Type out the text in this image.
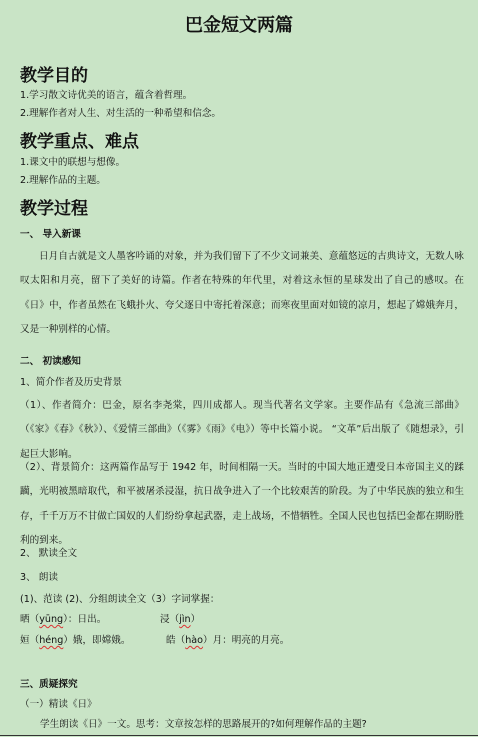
巴金短文两篇
教学目的
1.学习散文诗优美的语言，蕴含着哲理。
2.理解作者对人生、对生活的一种希望和信念。
教学重点、难点
1.课文中的联想与想像。
2.理解作品的主题。
教学过程
一、 导入新课
日月自古就是文人墨客吟诵的对象，并为我们留下了不少文词兼美、意蕴悠远的古典诗文，无数人咏叹太阳和月亮，留下了美好的诗篇。作者在特殊的年代里，对着这永恒的星球发出了自己的感叹。在《日》中，作者虽然在飞蛾扑火、夸父逐日中寄托着深意；而寒夜里面对如镜的凉月，想起了嫦娥奔月，又是一种别样的心情。
二、 初读感知
1、简介作者及历史背景
（1）、作者简介：巴金，原名李尧棠，四川成都人。现当代著名文学家。主要作品有《急流三部曲》（《家》《春》《秋》）、《爱情三部曲》（《雾》《雨》《电》）等中长篇小说。 “文革”后出版了《随想录》，引起巨大影响。
（2）、背景简介：这两篇作品写于 1942 年，时间相隔一天。当时的中国大地正遭受日本帝国主义的蹂躏，光明被黑暗取代，和平被屠杀浸湿，抗日战争进入了一个比较艰苦的阶段。为了中华民族的独立和生存，千千万万不甘做亡国奴的人们纷纷拿起武器，走上战场，不惜牺牲。全国人民也包括巴金都在期盼胜利的到来。
2、 默读全文
3、 朗读
(1)、范读 (2)、分组朗读全文（3）字词掌握：
晒（yūng）：日出。	浸（jìn）
姮（héng）娥，即嫦娥。	皓（hào）月：明亮的月亮。
三、质疑探究
（一）精读《日》
学生朗读《日》一文。思考：文章按怎样的思路展开的?如何理解作品的主题?
